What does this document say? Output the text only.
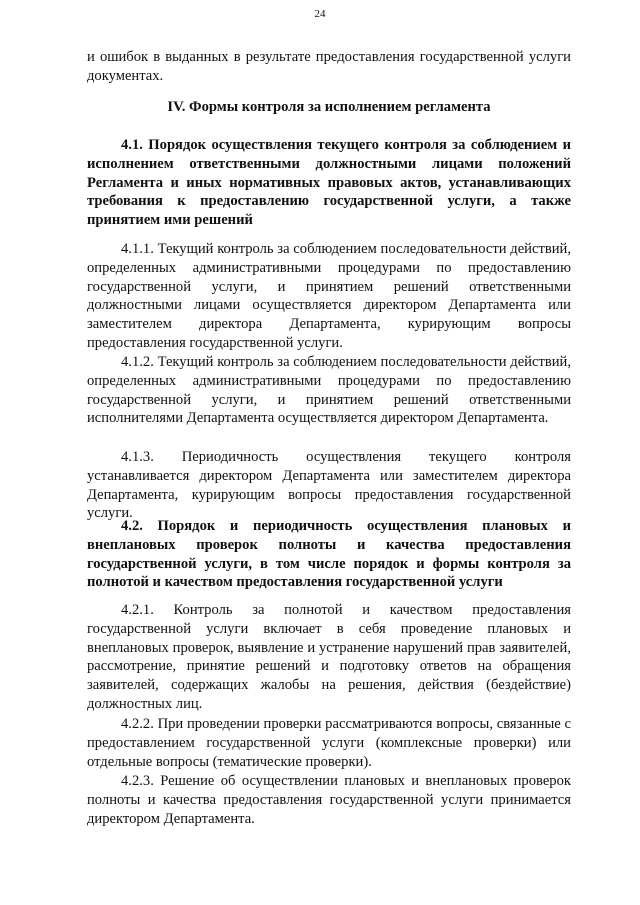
24

и ошибок в выданных в результате предоставления государственной услуги документах.

IV. Формы контроля за исполнением регламента

4.1. Порядок осуществления текущего контроля за соблюдением и исполнением ответственными должностными лицами положений Регламента и иных нормативных правовых актов, устанавливающих требования к предоставлению государственной услуги, а также принятием ими решений

4.1.1. Текущий контроль за соблюдением последовательности действий, определенных административными процедурами по предоставлению государственной услуги, и принятием решений ответственными должностными лицами осуществляется директором Департамента или заместителем директора Департамента, курирующим вопросы предоставления государственной услуги.

4.1.2. Текущий контроль за соблюдением последовательности действий, определенных административными процедурами по предоставлению государственной услуги, и принятием решений ответственными исполнителями Департамента осуществляется директором Департамента.

4.1.3. Периодичность осуществления текущего контроля устанавливается директором Департамента или заместителем директора Департамента, курирующим вопросы предоставления государственной услуги.

4.2. Порядок и периодичность осуществления плановых и внеплановых проверок полноты и качества предоставления государственной услуги, в том числе порядок и формы контроля за полнотой и качеством предоставления государственной услуги

4.2.1. Контроль за полнотой и качеством предоставления государственной услуги включает в себя проведение плановых и внеплановых проверок, выявление и устранение нарушений прав заявителей, рассмотрение, принятие решений и подготовку ответов на обращения заявителей, содержащих жалобы на решения, действия (бездействие) должностных лиц.

4.2.2. При проведении проверки рассматриваются вопросы, связанные с предоставлением государственной услуги (комплексные проверки) или отдельные вопросы (тематические проверки).

4.2.3. Решение об осуществлении плановых и внеплановых проверок полноты и качества предоставления государственной услуги принимается директором Департамента.
